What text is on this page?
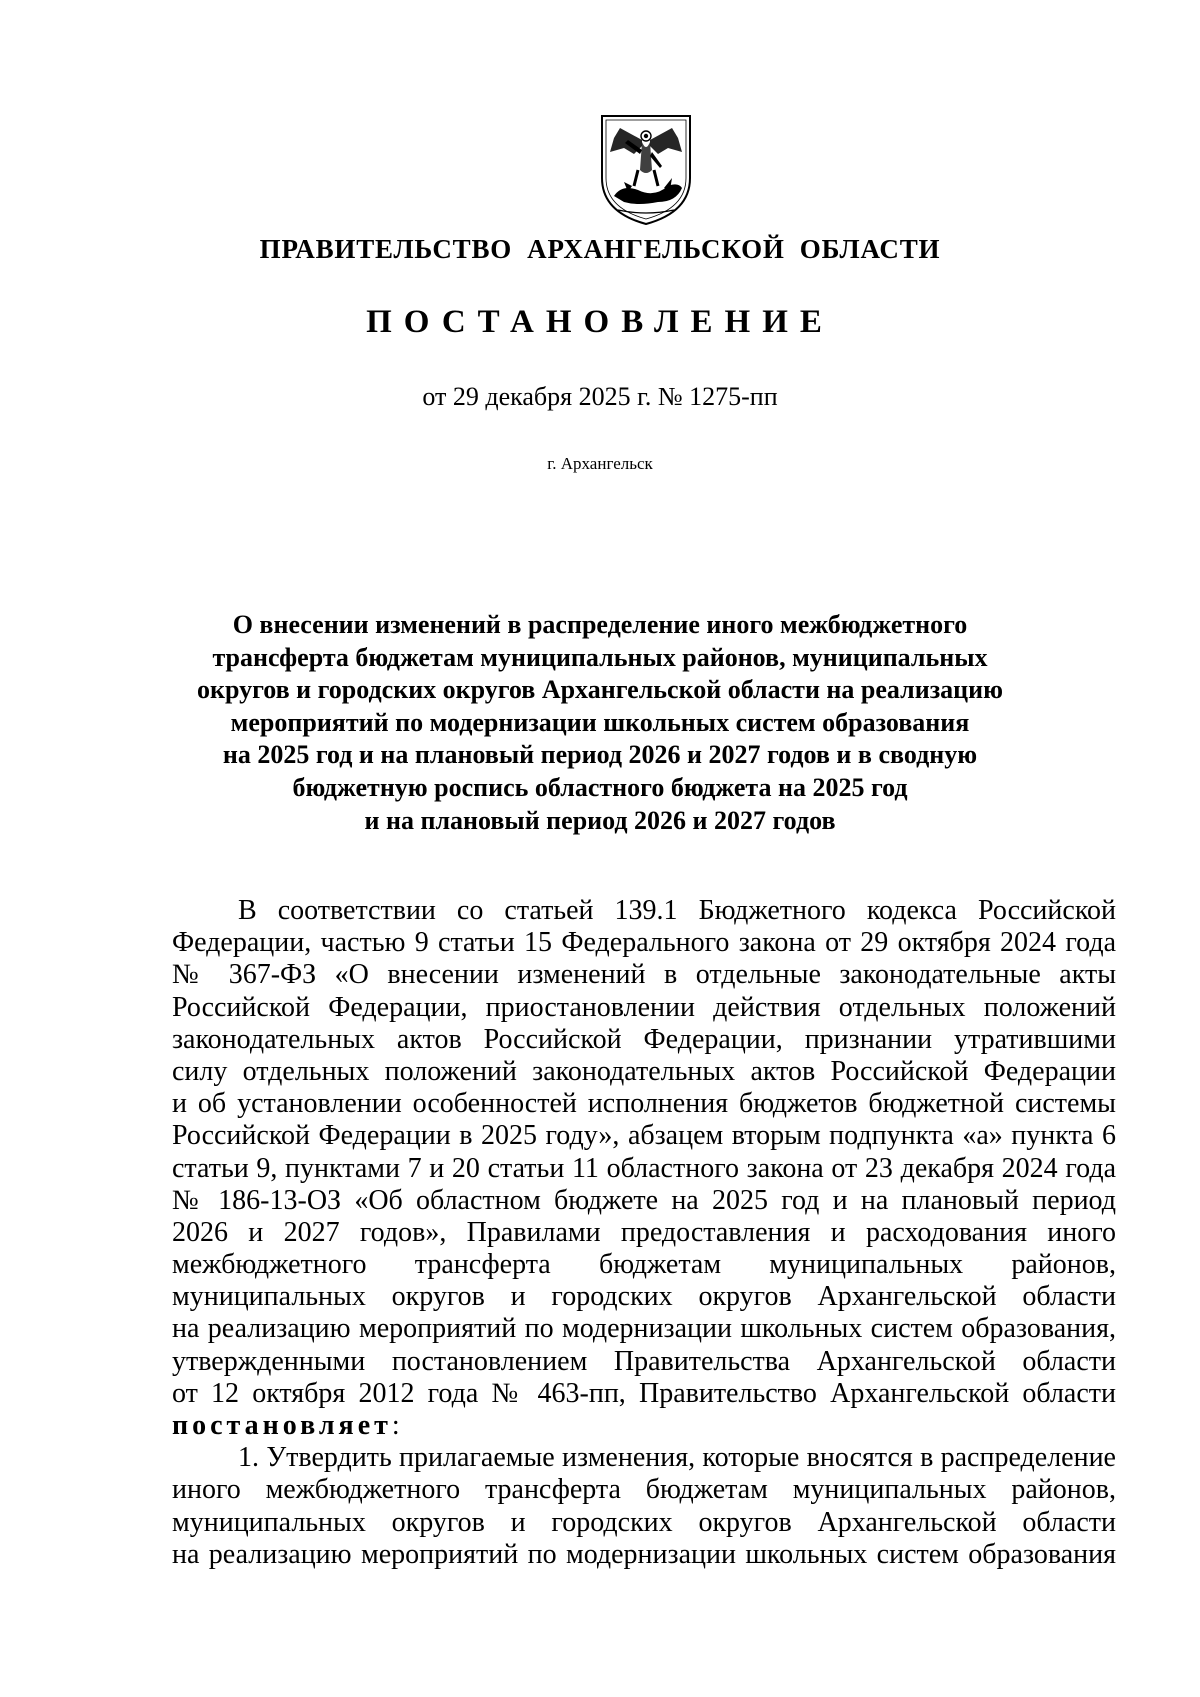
ПРАВИТЕЛЬСТВО  АРХАНГЕЛЬСКОЙ  ОБЛАСТИ
ПОСТАНОВЛЕНИЕ
от 29 декабря 2025 г. № 1275-пп
г. Архангельск
О внесении изменений в распределение иного межбюджетного
трансферта бюджетам муниципальных районов, муниципальных
округов и городских округов Архангельской области на реализацию
мероприятий по модернизации школьных систем образования
на 2025 год и на плановый период 2026 и 2027 годов и в сводную
бюджетную роспись областного бюджета на 2025 год
и на плановый период 2026 и 2027 годов
В соответствии со статьей 139.1 Бюджетного кодекса Российской
Федерации, частью 9 статьи 15 Федерального закона от 29 октября 2024 года
№ 367-ФЗ «О внесении изменений в отдельные законодательные акты
Российской Федерации, приостановлении действия отдельных положений
законодательных актов Российской Федерации, признании утратившими
силу отдельных положений законодательных актов Российской Федерации
и об установлении особенностей исполнения бюджетов бюджетной системы
Российской Федерации в 2025 году», абзацем вторым подпункта «а» пункта 6
статьи 9, пунктами 7 и 20 статьи 11 областного закона от 23 декабря 2024 года
№ 186-13-ОЗ «Об областном бюджете на 2025 год и на плановый период
2026 и 2027 годов», Правилами предоставления и расходования иного
межбюджетного трансферта бюджетам муниципальных районов,
муниципальных округов и городских округов Архангельской области
на реализацию мероприятий по модернизации школьных систем образования,
утвержденными постановлением Правительства Архангельской области
от 12 октября 2012 года № 463-пп, Правительство Архангельской области
постановляет:
1. Утвердить прилагаемые изменения, которые вносятся в распределение
иного межбюджетного трансферта бюджетам муниципальных районов,
муниципальных округов и городских округов Архангельской области
на реализацию мероприятий по модернизации школьных систем образования
